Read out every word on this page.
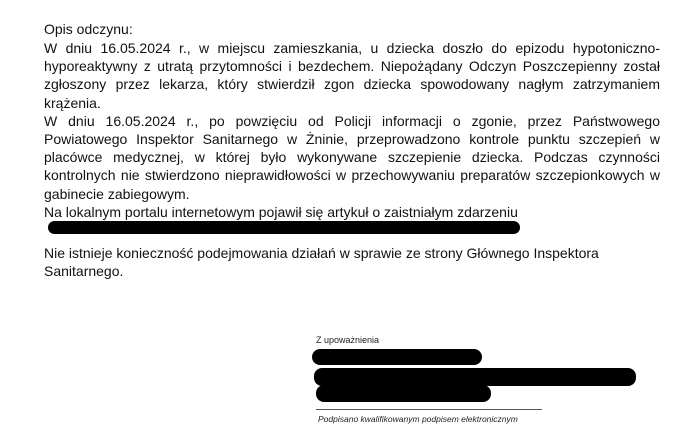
Opis odczynu:

W dniu 16.05.2024 r., w miejscu zamieszkania, u dziecka doszło do epizodu hypotoniczno-hyporeaktywny z utratą przytomności i bezdechem. Niepożądany Odczyn Poszczepienny został zgłoszony przez lekarza, który stwierdził zgon dziecka spowodowany nagłym zatrzymaniem krążenia.

W dniu 16.05.2024 r., po powzięciu od Policji informacji o zgonie, przez Państwowego Powiatowego Inspektor Sanitarnego w Żninie, przeprowadzono kontrole punktu szczepień w placówce medycznej, w której było wykonywane szczepienie dziecka. Podczas czynności kontrolnych nie stwierdzono nieprawidłowości w przechowywaniu preparatów szczepionkowych w gabinecie zabiegowym.

Na lokalnym portalu internetowym pojawił się artykuł o zaistniałym zdarzeniu

Nie istnieje konieczność podejmowania działań w sprawie ze strony Głównego Inspektora Sanitarnego.

Z upoważnienia

Podpisano kwalifikowanym podpisem elektronicznym
